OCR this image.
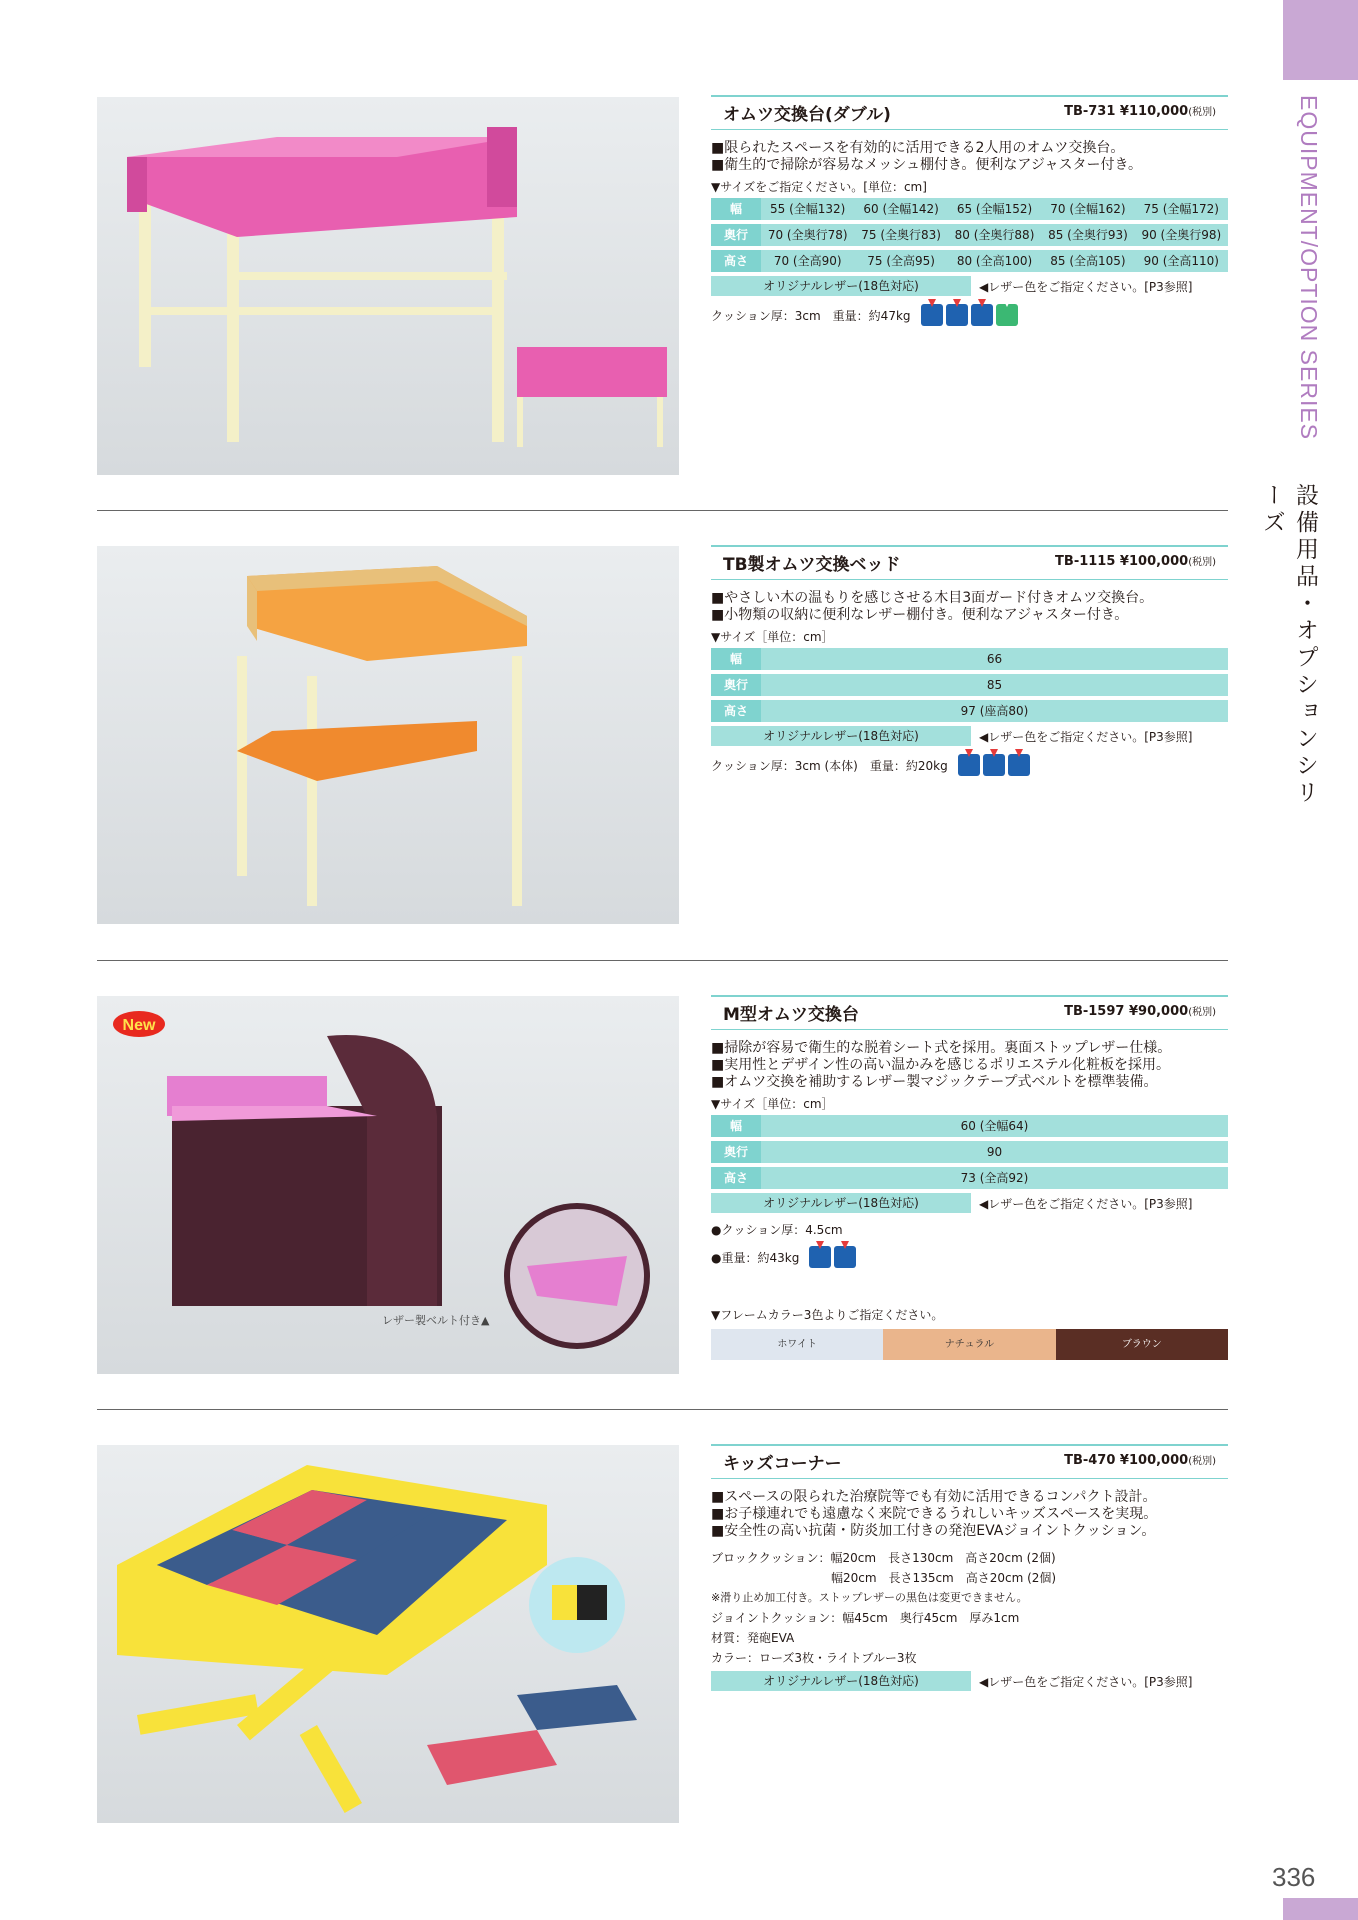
EQUIPMENT/OPTION SERIES
設備用品・オプションシリーズ
336
オムツ交換台(ダブル)	TB-731 ¥110,000(税別)
■限られたスペースを有効的に活用できる2人用のオムツ交換台。
■衛生的で掃除が容易なメッシュ棚付き。便利なアジャスター付き。
▼サイズをご指定ください。[単位：cm]
幅	55 (全幅132)	60 (全幅142)	65 (全幅152)	70 (全幅162)	75 (全幅172)
奥行	70 (全奥行78)	75 (全奥行83)	80 (全奥行88)	85 (全奥行93)	90 (全奥行98)
高さ	70 (全高90)	75 (全高95)	80 (全高100)	85 (全高105)	90 (全高110)
オリジナルレザー(18色対応)	◀レザー色をご指定ください。[P3参照]
クッション厚：3cm　重量：約47kg
TB製オムツ交換ベッド	TB-1115 ¥100,000(税別)
■やさしい木の温もりを感じさせる木目3面ガード付きオムツ交換台。
■小物類の収納に便利なレザー棚付き。便利なアジャスター付き。
▼サイズ［単位：cm］
幅	66
奥行	85
高さ	97 (座高80)
オリジナルレザー(18色対応)	◀レザー色をご指定ください。[P3参照]
クッション厚：3cm (本体)　重量：約20kg
New
レザー製ベルト付き▲
M型オムツ交換台	TB-1597 ¥90,000(税別)
■掃除が容易で衛生的な脱着シート式を採用。裏面ストップレザー仕様。
■実用性とデザイン性の高い温かみを感じるポリエステル化粧板を採用。
■オムツ交換を補助するレザー製マジックテープ式ベルトを標準装備。
▼サイズ［単位：cm］
幅	60 (全幅64)
奥行	90
高さ	73 (全高92)
オリジナルレザー(18色対応)	◀レザー色をご指定ください。[P3参照]
●クッション厚：4.5cm
●重量：約43kg
▼フレームカラー3色よりご指定ください。
ホワイト	ナチュラル	ブラウン
キッズコーナー	TB-470 ¥100,000(税別)
■スペースの限られた治療院等でも有効に活用できるコンパクト設計。
■お子様連れでも遠慮なく来院できるうれしいキッズスペースを実現。
■安全性の高い抗菌・防炎加工付きの発泡EVAジョイントクッション。
ブロッククッション：幅20cm　長さ130cm　高さ20cm (2個)
　　　　　　　　　　幅20cm　長さ135cm　高さ20cm (2個)
※滑り止め加工付き。ストップレザーの黒色は変更できません。
ジョイントクッション：幅45cm　奥行45cm　厚み1cm
材質：発砲EVA
カラー：ローズ3枚・ライトブルー3枚
オリジナルレザー(18色対応)	◀レザー色をご指定ください。[P3参照]
